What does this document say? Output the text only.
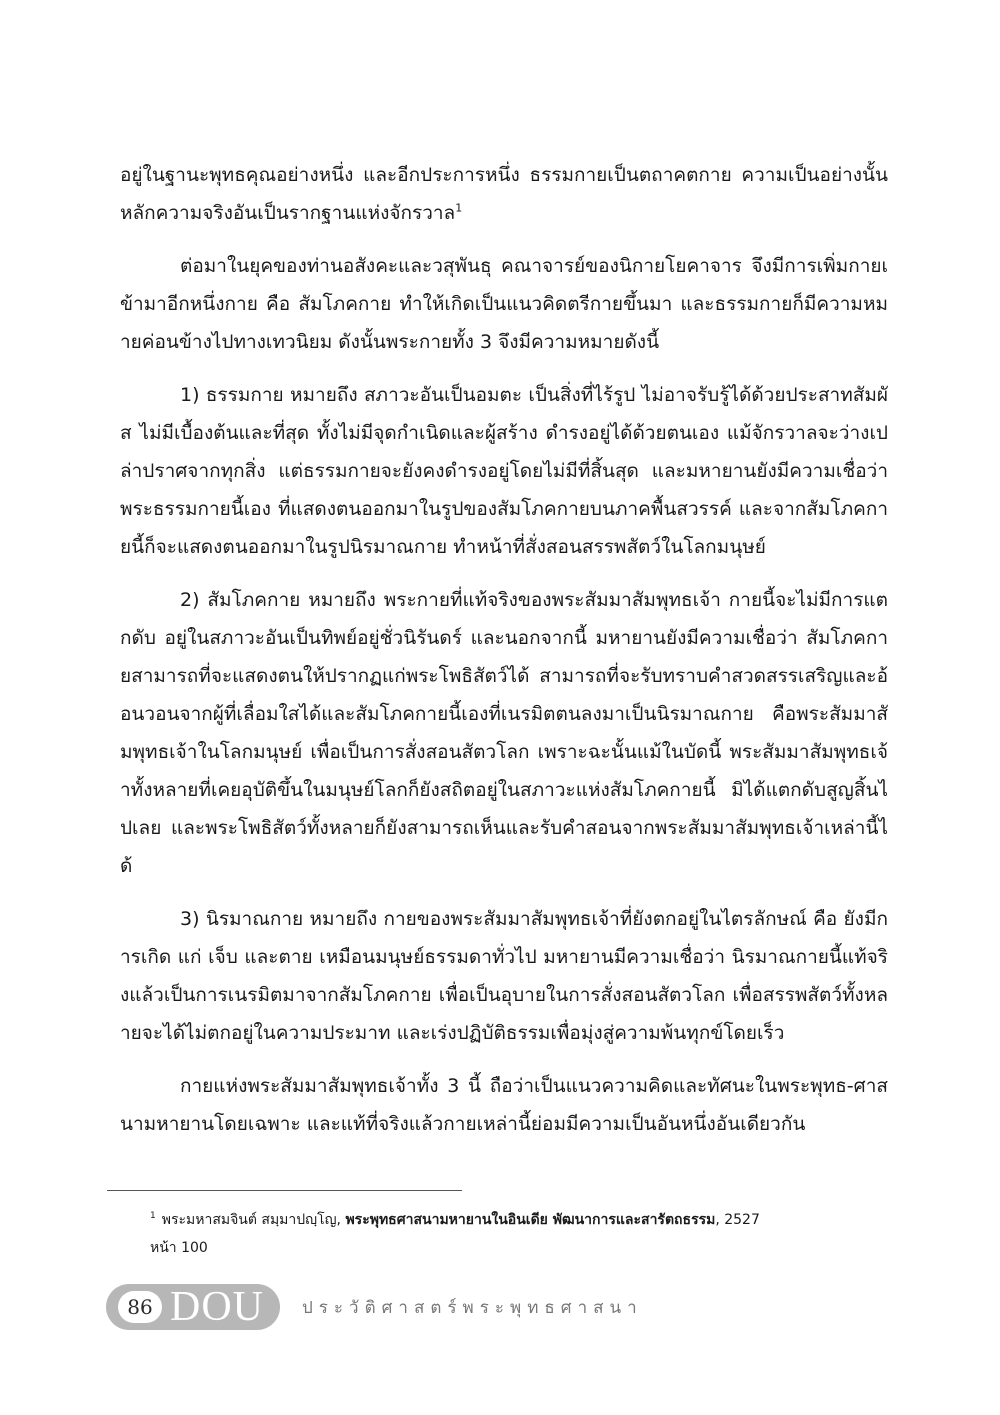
อยู่ในฐานะพุทธคุณอย่างหนึ่ง และอีกประการหนึ่ง ธรรมกายเป็นตถาคตกาย ความเป็นอย่างนั้น หลักความจริงอันเป็นรากฐานแห่งจักรวาล$^1$

ต่อมาในยุคของท่านอสังคะและวสุพันธุ คณาจารย์ของนิกายโยคาจาร จึงมีการเพิ่มกายเข้ามาอีกหนึ่งกาย คือ สัมโภคกาย ทำให้เกิดเป็นแนวคิดตรีกายขึ้นมา และธรรมกายก็มีความหมายค่อนข้างไปทางเทวนิยม ดังนั้นพระกายทั้ง 3 จึงมีความหมายดังนี้

1) ธรรมกาย หมายถึง สภาวะอันเป็นอมตะ เป็นสิ่งที่ไร้รูป ไม่อาจรับรู้ได้ด้วยประสาทสัมผัส ไม่มีเบื้องต้นและที่สุด ทั้งไม่มีจุดกำเนิดและผู้สร้าง ดำรงอยู่ได้ด้วยตนเอง แม้จักรวาลจะว่างเปล่าปราศจากทุกสิ่ง แต่ธรรมกายจะยังคงดำรงอยู่โดยไม่มีที่สิ้นสุด และมหายานยังมีความเชื่อว่า พระธรรมกายนี้เอง ที่แสดงตนออกมาในรูปของสัมโภคกายบนภาคพื้นสวรรค์ และจากสัมโภคกายนี้ก็จะแสดงตนออกมาในรูปนิรมาณกาย ทำหน้าที่สั่งสอนสรรพสัตว์ในโลกมนุษย์

2) สัมโภคกาย หมายถึง พระกายที่แท้จริงของพระสัมมาสัมพุทธเจ้า กายนี้จะไม่มีการแตกดับ อยู่ในสภาวะอันเป็นทิพย์อยู่ชั่วนิรันดร์ และนอกจากนี้ มหายานยังมีความเชื่อว่า สัมโภคกายสามารถที่จะแสดงตนให้ปรากฏแก่พระโพธิสัตว์ได้ สามารถที่จะรับทราบคำสวดสรรเสริญและอ้อนวอนจากผู้ที่เลื่อมใสได้และสัมโภคกายนี้เองที่เนรมิตตนลงมาเป็นนิรมาณกาย คือพระสัมมาสัมพุทธเจ้าในโลกมนุษย์ เพื่อเป็นการสั่งสอนสัตวโลก เพราะฉะนั้นแม้ในบัดนี้ พระสัมมาสัมพุทธเจ้าทั้งหลายที่เคยอุบัติขึ้นในมนุษย์โลกก็ยังสถิตอยู่ในสภาวะแห่งสัมโภคกายนี้ มิได้แตกดับสูญสิ้นไปเลย และพระโพธิสัตว์ทั้งหลายก็ยังสามารถเห็นและรับคำสอนจากพระสัมมาสัมพุทธเจ้าเหล่านี้ได้

3) นิรมาณกาย หมายถึง กายของพระสัมมาสัมพุทธเจ้าที่ยังตกอยู่ในไตรลักษณ์ คือ ยังมีการเกิด แก่ เจ็บ และตาย เหมือนมนุษย์ธรรมดาทั่วไป มหายานมีความเชื่อว่า นิรมาณกายนี้แท้จริงแล้วเป็นการเนรมิตมาจากสัมโภคกาย เพื่อเป็นอุบายในการสั่งสอนสัตวโลก เพื่อสรรพสัตว์ทั้งหลายจะได้ไม่ตกอยู่ในความประมาท และเร่งปฏิบัติธรรมเพื่อมุ่งสู่ความพ้นทุกข์โดยเร็ว

กายแห่งพระสัมมาสัมพุทธเจ้าทั้ง 3 นี้ ถือว่าเป็นแนวความคิดและทัศนะในพระพุทธ-ศาสนามหายานโดยเฉพาะ และแท้ที่จริงแล้วกายเหล่านี้ย่อมมีความเป็นอันหนึ่งอันเดียวกัน

$^1$ พระมหาสมจินต์ สมฺมาปญฺโญ, พระพุทธศาสนามหายานในอินเดีย พัฒนาการและสารัตถธรรม, 2527
หน้า 100
86 DOU ประวัติศาสตร์พระพุทธศาสนา
